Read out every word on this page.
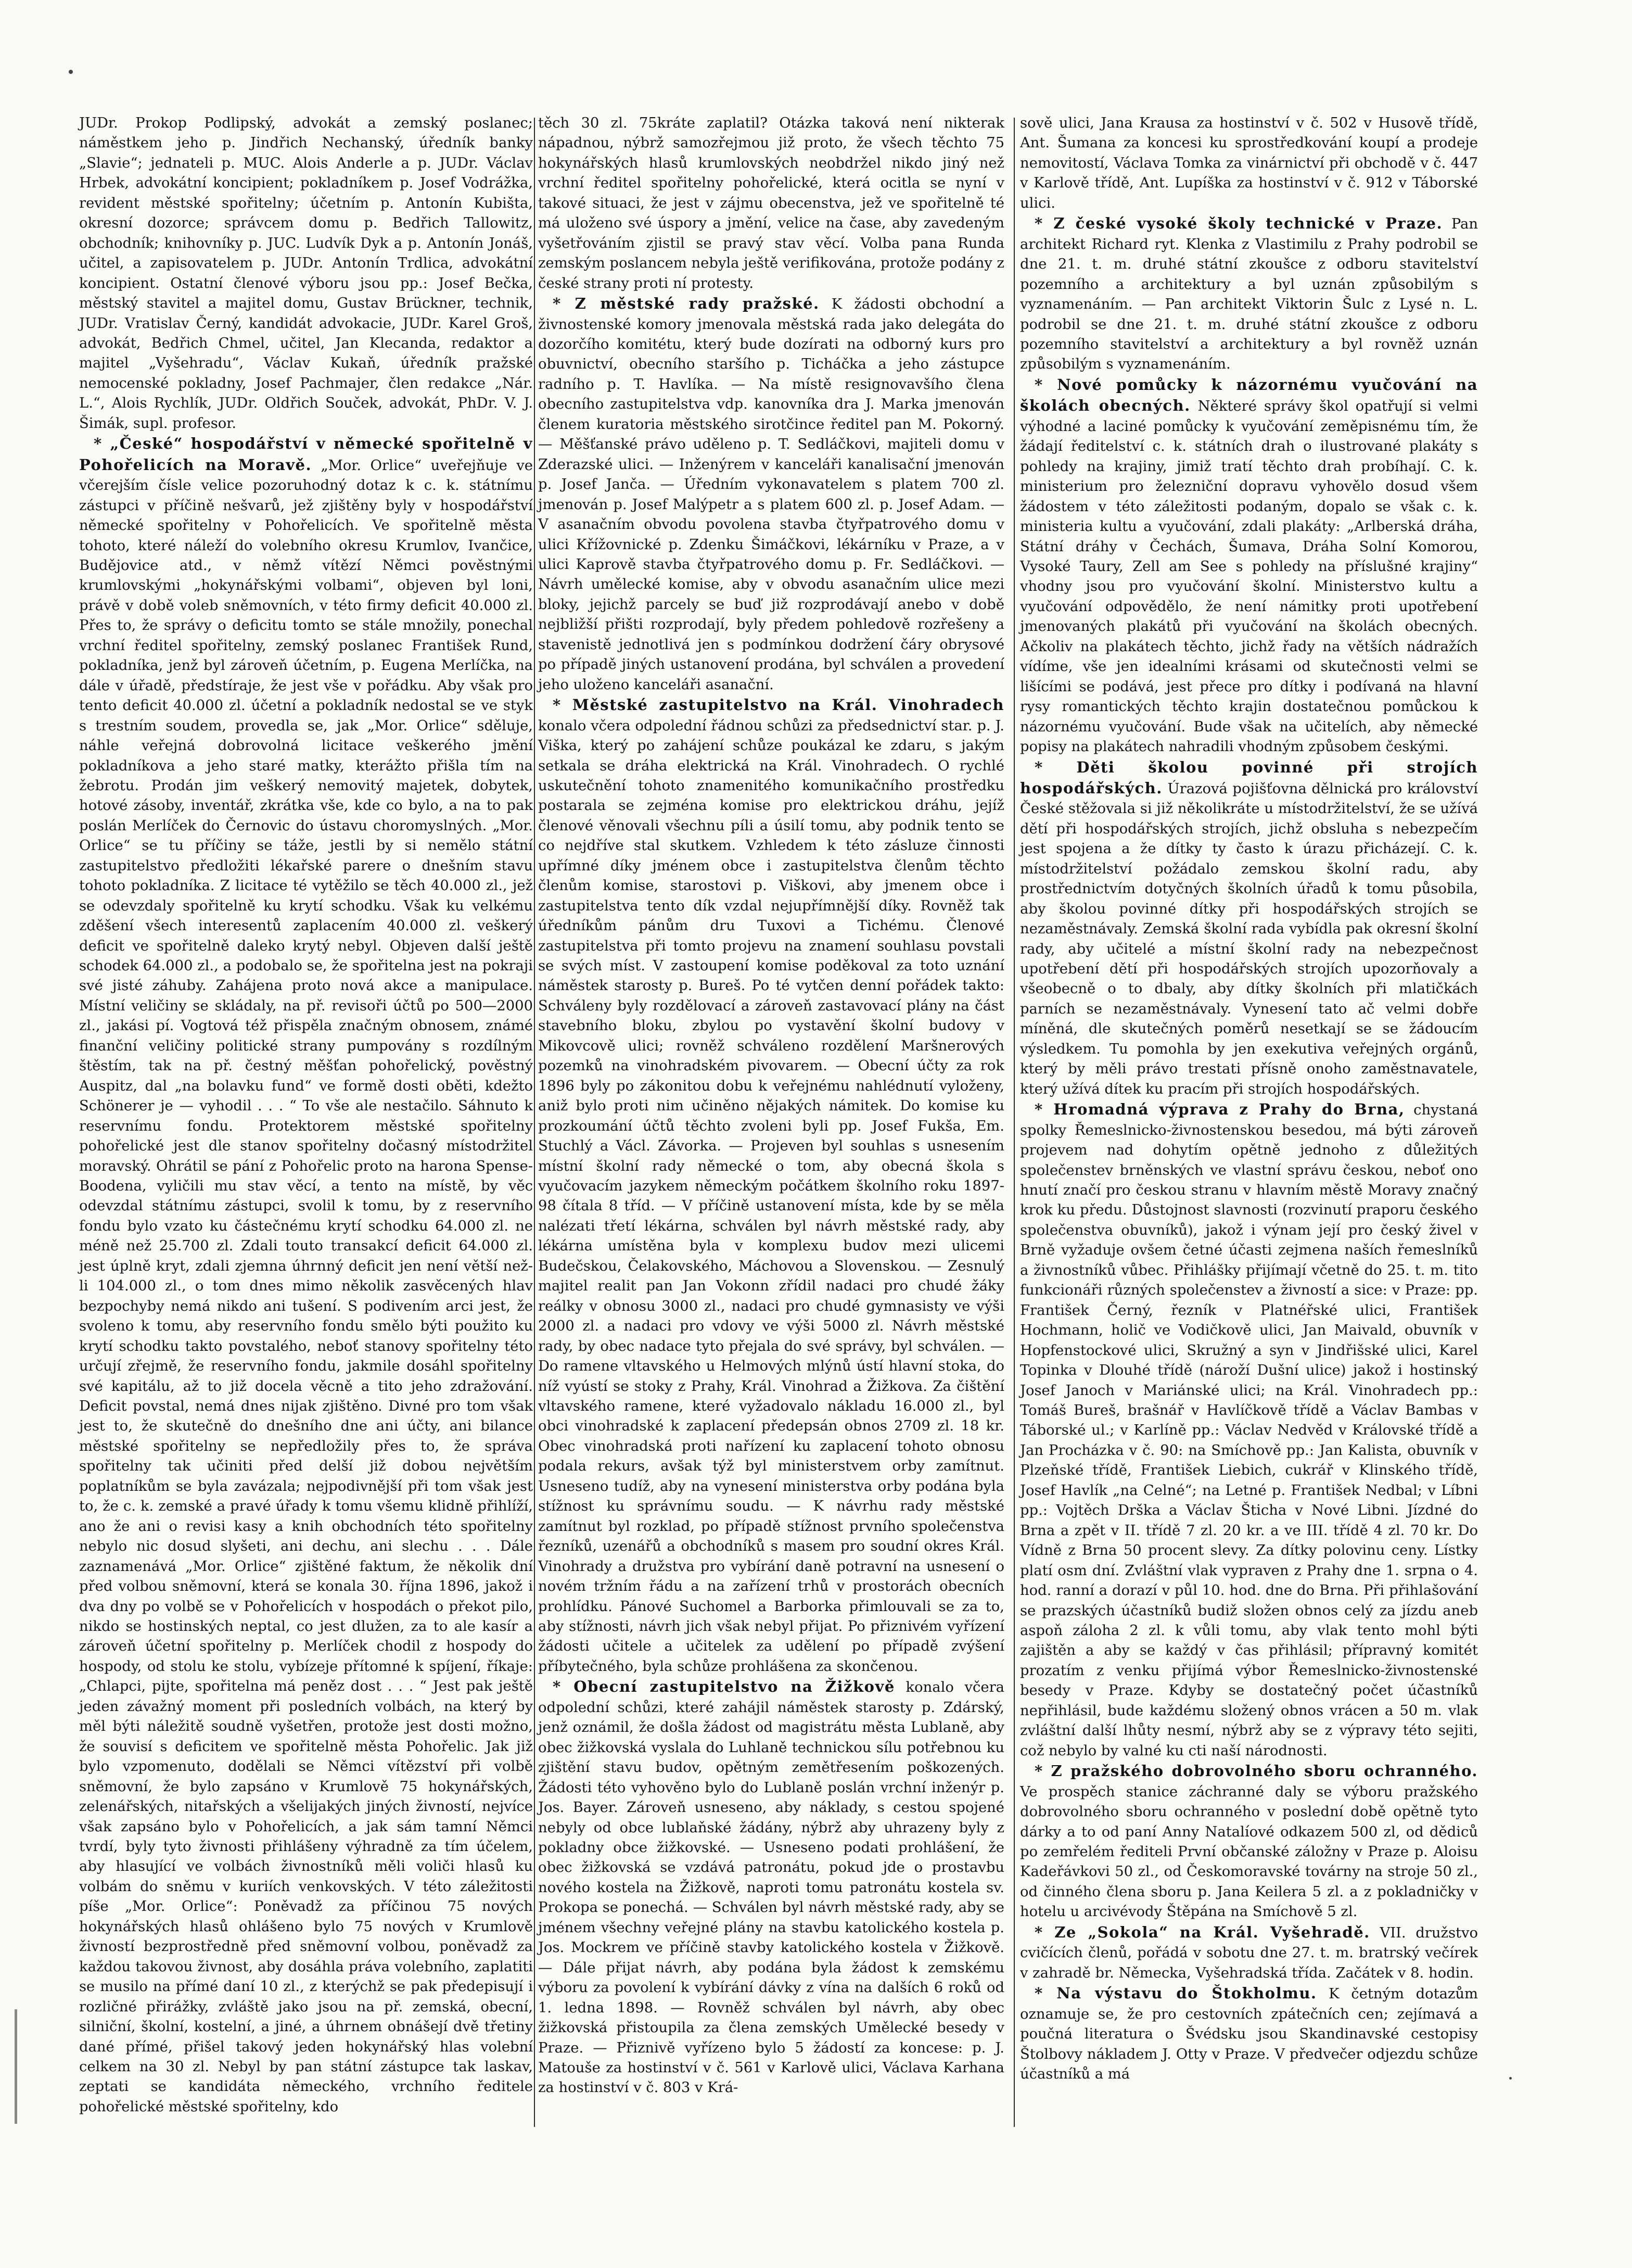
JUDr. Prokop Podlipský, advokát a zemský poslanec; náměstkem jeho p. Jindřich Nechanský, úředník banky „Slavie“; jednateli p. MUC. Alois Anderle a p. JUDr. Václav Hrbek, advokátní koncipient; pokladníkem p. Josef Vodrážka, revident městské spořitelny; účetním p. Antonín Kubišta, okresní dozorce; správcem domu p. Bedřich Tallowitz, obchodník; knihovníky p. JUC. Ludvík Dyk a p. Antonín Jonáš, učitel, a zapisovatelem p. JUDr. Antonín Trdlica, advokátní koncipient. Ostatní členové výboru jsou pp.: Josef Bečka, městský stavitel a majitel domu, Gustav Brückner, technik, JUDr. Vratislav Černý, kandidát advokacie, JUDr. Karel Groš, advokát, Bedřich Chmel, učitel, Jan Klecanda, redaktor a majitel „Vyšehradu“, Václav Kukaň, úředník pražské nemocenské pokladny, Josef Pachmajer, člen redakce „Nár. L.“, Alois Rychlík, JUDr. Oldřich Souček, advokát, PhDr. V. J. Šimák, supl. profesor.

* „České“ hospodářství v německé spořitelně v Pohořelicích na Moravě. „Mor. Orlice“ uveřejňuje ve včerejším čísle velice pozoruhodný dotaz k c. k. státnímu zástupci v příčině nešvarů, jež zjištěny byly v hospodářství německé spořitelny v Pohořelicích. Ve spořitelně města tohoto, které náleží do volebního okresu Krumlov, Ivančice, Budějovice atd., v němž vítězí Němci pověstnými krumlovskými „hokynářskými volbami“, objeven byl loni, právě v době voleb sněmovních, v této firmy deficit 40.000 zl. Přes to, že správy o deficitu tomto se stále množily, ponechal vrchní ředitel spořitelny, zemský poslanec František Rund, pokladníka, jenž byl zároveň účetním, p. Eugena Merlíčka, na dále v úřadě, předstíraje, že jest vše v pořádku. Aby však pro tento deficit 40.000 zl. účetní a pokladník nedostal se ve styk s trestním soudem, provedla se, jak „Mor. Orlice“ sděluje, náhle veřejná dobrovolná licitace veškerého jmění pokladníkova a jeho staré matky, kterážto přišla tím na žebrotu. Prodán jim veškerý nemovitý majetek, dobytek, hotové zásoby, inventář, zkrátka vše, kde co bylo, a na to pak poslán Merlíček do Černovic do ústavu choromyslných. „Mor. Orlice“ se tu příčiny se táže, jestli by si nemělo státní zastupitelstvo předložiti lékařské parere o dnešním stavu tohoto pokladníka. Z licitace té vytěžilo se těch 40.000 zl., jež se odevzdaly spořitelně ku krytí schodku. Však ku velkému zděšení všech interesentů zaplacením 40.000 zl. veškerý deficit ve spořitelně daleko krytý nebyl. Objeven další ještě schodek 64.000 zl., a podobalo se, že spořitelna jest na pokraji své jisté záhuby. Zahájena proto nová akce a manipulace. Místní veličiny se skládaly, na př. revisoři účtů po 500—2000 zl., jakási pí. Vogtová též přispěla značným obnosem, známé finanční veličiny politické strany pumpovány s rozdílným štěstím, tak na př. čestný měšťan pohořelický, pověstný Auspitz, dal „na bolavku fund“ ve formě dosti oběti, kdežto Schönerer je — vyhodil . . . “ To vše ale nestačilo. Sáhnuto k reservnímu fondu. Protektorem městské spořitelny pohořelické jest dle stanov spořitelny dočasný místodržitel moravský. Ohrátil se pání z Pohořelic proto na harona Spense-Boodena, vyličili mu stav věcí, a tento na místě, by věc odevzdal státnímu zástupci, svolil k tomu, by z reservního fondu bylo vzato ku částečnému krytí schodku 64.000 zl. ne méně než 25.700 zl. Zdali touto transakcí deficit 64.000 zl. jest úplně kryt, zdali zjemna úhrnný deficit jen není větší než-li 104.000 zl., o tom dnes mimo několik zasvěcených hlav bezpochyby nemá nikdo ani tušení. S podivením arci jest, že svoleno k tomu, aby reservního fondu smělo býti použito ku krytí schodku takto povstalého, neboť stanovy spořitelny této určují zřejmě, že reservního fondu, jakmile dosáhl spořitelny své kapitálu, až to již docela věcně a tito jeho zdražování. Deficit povstal, nemá dnes nijak zjištěno. Divné pro tom však jest to, že skutečně do dnešního dne ani účty, ani bilance městské spořitelny se nepředložily přes to, že správa spořitelny tak učiniti před delší již dobou největším poplatníkům se byla zavázala; nejpodivnější při tom však jest to, že c. k. zemské a pravé úřady k tomu všemu klidně přihlíží, ano že ani o revisi kasy a knih obchodních této spořitelny nebylo nic dosud slyšeti, ani dechu, ani slechu . . . Dále zaznamenává „Mor. Orlice“ zjištěné faktum, že několik dní před volbou sněmovní, která se konala 30. října 1896, jakož i dva dny po volbě se v Pohořelicích v hospodách o překot pilo, nikdo se hostinských neptal, co jest dlužen, za to ale kasír a zároveň účetní spořitelny p. Merlíček chodil z hospody do hospody, od stolu ke stolu, vybízeje přítomné k spíjení, říkaje: „Chlapci, pijte, spořitelna má peněz dost . . . “ Jest pak ještě jeden závažný moment při posledních volbách, na který by měl býti náležitě soudně vyšetřen, protože jest dosti možno, že souvisí s deficitem ve spořitelně města Pohořelic. Jak již bylo vzpomenuto, dodělali se Němci vítězství při volbě sněmovní, že bylo zapsáno v Krumlově 75 hokynářských, zelenářských, nitařských a všelijakých jiných živností, nejvíce však zapsáno bylo v Pohořelicích, a jak sám tamní Němci tvrdí, byly tyto živnosti přihlášeny výhradně za tím účelem, aby hlasující ve volbách živnostníků měli voliči hlasů ku volbám do sněmu v kuriích venkovských. V této záležitosti píše „Mor. Orlice“: Poněvadž za příčinou 75 nových hokynářských hlasů ohlášeno bylo 75 nových v Krumlově živností bezprostředně před sněmovní volbou, poněvadž za každou takovou živnost, aby dosáhla práva volebního, zaplatiti se musilo na přímé daní 10 zl., z kterýchž se pak předepisují i rozličné přirážky, zvláště jako jsou na př. zemská, obecní, silniční, školní, kostelní, a jiné, a úhrnem obnášejí dvě třetiny dané přímé, přišel takový jeden hokynářský hlas volební celkem na 30 zl. Nebyl by pan státní zástupce tak laskav, zeptati se kandidáta německého, vrchního ředitele pohořelické městské spořitelny, kdo

těch 30 zl. 75kráte zaplatil? Otázka taková není nikterak nápadnou, nýbrž samozřejmou již proto, že všech těchto 75 hokynářských hlasů krumlovských neobdržel nikdo jiný než vrchní ředitel spořitelny pohořelické, která ocitla se nyní v takové situaci, že jest v zájmu obecenstva, jež ve spořitelně té má uloženo své úspory a jmění, velice na čase, aby zavedeným vyšetřováním zjistil se pravý stav věcí. Volba pana Runda zemským poslancem nebyla ještě verifikována, protože podány z české strany proti ní protesty.

* Z městské rady pražské. K žádosti obchodní a živnostenské komory jmenovala městská rada jako delegáta do dozorčího komitétu, který bude dozírati na odborný kurs pro obuvnictví, obecního staršího p. Ticháčka a jeho zástupce radního p. T. Havlíka. — Na místě resignovavšího člena obecního zastupitelstva vdp. kanovníka dra J. Marka jmenován členem kuratoria městského sirotčince ředitel pan M. Pokorný. — Měšťanské právo uděleno p. T. Sedláčkovi, majiteli domu v Zderazské ulici. — Inženýrem v kanceláři kanalisační jmenován p. Josef Janča. — Úředním vykonavatelem s platem 700 zl. jmenován p. Josef Malýpetr a s platem 600 zl. p. Josef Adam. — V asanačním obvodu povolena stavba čtyřpatrového domu v ulici Křížovnické p. Zdenku Šimáčkovi, lékárníku v Praze, a v ulici Kaprově stavba čtyřpatrového domu p. Fr. Sedláčkovi. — Návrh umělecké komise, aby v obvodu asanačním ulice mezi bloky, jejichž parcely se buď již rozprodávají anebo v době nejbližší přišti rozprodají, byly předem pohledově rozřešeny a stavenistě jednotlivá jen s podmínkou dodržení čáry obrysové po případě jiných ustanovení prodána, byl schválen a provedení jeho uloženo kanceláři asanační.

* Městské zastupitelstvo na Král. Vinohradech konalo včera odpolední řádnou schůzi za předsednictví star. p. J. Viška, který po zahájení schůze poukázal ke zdaru, s jakým setkala se dráha elektrická na Král. Vinohradech. O rychlé uskutečnění tohoto znamenitého komunikačního prostředku postarala se zejména komise pro elektrickou dráhu, jejíž členové věnovali všechnu píli a úsilí tomu, aby podnik tento se co nejdříve stal skutkem. Vzhledem k této zásluze činnosti upřímné díky jménem obce i zastupitelstva členům těchto členům komise, starostovi p. Viškovi, aby jmenem obce i zastupitelstva tento dík vzdal nejupřímnější díky. Rovněž tak úředníkům pánům dru Tuxovi a Tichému. Členové zastupitelstva při tomto projevu na znamení souhlasu povstali se svých míst. V zastoupení komise poděkoval za toto uznání náměstek starosty p. Bureš. Po té vytčen denní pořádek takto: Schváleny byly rozdělovací a zároveň zastavovací plány na část stavebního bloku, zbylou po vystavění školní budovy v Mikovcově ulici; rovněž schváleno rozdělení Maršnerových pozemků na vinohradském pivovarem. — Obecní účty za rok 1896 byly po zákonitou dobu k veřejnému nahlédnutí vyloženy, aniž bylo proti nim učiněno nějakých námitek. Do komise ku prozkoumání účtů těchto zvoleni byli pp. Josef Fukša, Em. Stuchlý a Václ. Závorka. — Projeven byl souhlas s usnesením místní školní rady německé o tom, aby obecná škola s vyučovacím jazykem německým počátkem školního roku 1897-98 čítala 8 tříd. — V příčině ustanovení místa, kde by se měla nalézati třetí lékárna, schválen byl návrh městské rady, aby lékárna umístěna byla v komplexu budov mezi ulicemi Budečskou, Čelakovského, Máchovou a Slovenskou. — Zesnulý majitel realit pan Jan Vokonn zřídil nadaci pro chudé žáky reálky v obnosu 3000 zl., nadaci pro chudé gymnasisty ve výši 2000 zl. a nadaci pro vdovy ve výši 5000 zl. Návrh městské rady, by obec nadace tyto přejala do své správy, byl schválen. — Do ramene vltavského u Helmových mlýnů ústí hlavní stoka, do níž vyústí se stoky z Prahy, Král. Vinohrad a Žižkova. Za čištění vltavského ramene, které vyžadovalo nákladu 16.000 zl., byl obci vinohradské k zaplacení předepsán obnos 2709 zl. 18 kr. Obec vinohradská proti nařízení ku zaplacení tohoto obnosu podala rekurs, avšak týž byl ministerstvem orby zamítnut. Usneseno tudíž, aby na vynesení ministerstva orby podána byla stížnost ku správnímu soudu. — K návrhu rady městské zamítnut byl rozklad, po případě stížnost prvního společenstva řezníků, uzenářů a obchodníků s masem pro soudní okres Král. Vinohrady a družstva pro vybírání daně potravní na usnesení o novém tržním řádu a na zařízení trhů v prostorách obecních prohlídku. Pánové Suchomel a Barborka přimlouvali se za to, aby stížnosti, návrh jich však nebyl přijat. Po přiznivém vyřízení žádosti učitele a učitelek za udělení po případě zvýšení příbytečného, byla schůze prohlášena za skončenou.

* Obecní zastupitelstvo na Žižkově konalo včera odpolední schůzi, které zahájil náměstek starosty p. Zdárský, jenž oznámil, že došla žádost od magistrátu města Lublaně, aby obec žižkovská vyslala do Luhlaně technickou sílu potřebnou ku zjištění stavu budov, opětným zemětřesením poškozených. Žádosti této vyhověno bylo do Lublaně poslán vrchní inženýr p. Jos. Bayer. Zároveň usneseno, aby náklady, s cestou spojené nebyly od obce lublaňské žádány, nýbrž aby uhrazeny byly z pokladny obce žižkovské. — Usneseno podati prohlášení, že obec žižkovská se vzdává patronátu, pokud jde o prostavbu nového kostela na Žižkově, naproti tomu patronátu kostela sv. Prokopa se ponechá. — Schválen byl návrh městské rady, aby se jménem všechny veřejné plány na stavbu katolického kostela p. Jos. Mockrem ve příčině stavby katolického kostela v Žižkově. — Dále přijat návrh, aby podána byla žádost k zemskému výboru za povolení k vybírání dávky z vína na dalších 6 roků od 1. ledna 1898. — Rovněž schválen byl návrh, aby obec žižkovská přistoupila za člena zemských Umělecké besedy v Praze. — Přiznivě vyřízeno bylo 5 žádostí za koncese: p. J. Matouše za hostinství v č. 561 v Karlově ulici, Václava Karhana za hostinství v č. 803 v Krá-

sově ulici, Jana Krausa za hostinství v č. 502 v Husově třídě, Ant. Šumana za koncesi ku sprostředkování koupí a prodeje nemovitostí, Václava Tomka za vinárnictví při obchodě v č. 447 v Karlově třídě, Ant. Lupíška za hostinství v č. 912 v Táborské ulici.

* Z české vysoké školy technické v Praze. Pan architekt Richard ryt. Klenka z Vlastimilu z Prahy podrobil se dne 21. t. m. druhé státní zkoušce z odboru stavitelství pozemního a architektury a byl uznán způsobilým s vyznamenáním. — Pan architekt Viktorin Šulc z Lysé n. L. podrobil se dne 21. t. m. druhé státní zkoušce z odboru pozemního stavitelství a architektury a byl rovněž uznán způsobilým s vyznamenáním.

* Nové pomůcky k názornému vyučování na školách obecných. Některé správy škol opatřují si velmi výhodné a laciné pomůcky k vyučování zeměpisnému tím, že žádají ředitelství c. k. státních drah o ilustrované plakáty s pohledy na krajiny, jimiž tratí těchto drah probíhají. C. k. ministerium pro železniční dopravu vyhovělo dosud všem žádostem v této záležitosti podaným, dopalo se však c. k. ministeria kultu a vyučování, zdali plakáty: „Arlberská dráha, Státní dráhy v Čechách, Šumava, Dráha Solní Komorou, Vysoké Taury, Zell am See s pohledy na příslušné krajiny“ vhodny jsou pro vyučování školní. Ministerstvo kultu a vyučování odpovědělo, že není námitky proti upotřebení jmenovaných plakátů při vyučování na školách obecných. Ačkoliv na plakátech těchto, jichž řady na větších nádražích vídíme, vše jen idealními krásami od skutečnosti velmi se lišícími se podává, jest přece pro dítky i podívaná na hlavní rysy romantických těchto krajin dostatečnou pomůckou k názornému vyučování. Bude však na učitelích, aby německé popisy na plakátech nahradili vhodným způsobem českými.

* Děti školou povinné při strojích hospodářských. Úrazová pojišťovna dělnická pro království České stěžovala si již několikráte u místodržitelství, že se užívá dětí při hospodářských strojích, jichž obsluha s nebezpečím jest spojena a že dítky ty často k úrazu přicházejí. C. k. místodržitelství požádalo zemskou školní radu, aby prostřednictvím dotyčných školních úřadů k tomu působila, aby školou povinné dítky při hospodářských strojích se nezaměstnávaly. Zemská školní rada vybídla pak okresní školní rady, aby učitelé a místní školní rady na nebezpečnost upotřebení dětí při hospodářských strojích upozorňovaly a všeobecně o to dbaly, aby dítky školních při mlatičkách parních se nezaměstnávaly. Vynesení tato ač velmi dobře míněná, dle skutečných poměrů nesetkají se se žádoucím výsledkem. Tu pomohla by jen exekutiva veřejných orgánů, který by měli právo trestati přísně onoho zaměstnavatele, který užívá dítek ku pracím při strojích hospodářských.

* Hromadná výprava z Prahy do Brna, chystaná spolky Řemeslnicko-živnostenskou besedou, má býti zároveň projevem nad dohytím opětně jednoho z důležitých společenstev brněnských ve vlastní správu českou, neboť ono hnutí značí pro českou stranu v hlavním městě Moravy značný krok ku předu. Důstojnost slavnosti (rozvinutí praporu českého společenstva obuvníků), jakož i výnam její pro český živel v Brně vyžaduje ovšem četné účasti zejmena naších řemeslníků a živnostníků vůbec. Přihlášky přijímají včetně do 25. t. m. tito funkcionáři různých společenstev a živností a sice: v Praze: pp. František Černý, řezník v Platnéřské ulici, František Hochmann, holič ve Vodičkově ulici, Jan Maivald, obuvník v Hopfenstockové ulici, Skružný a syn v Jindřišské ulici, Karel Topinka v Dlouhé třídě (nároží Dušní ulice) jakož i hostinský Josef Janoch v Mariánské ulici; na Král. Vinohradech pp.: Tomáš Bureš, brašnář v Havlíčkově třídě a Václav Bambas v Táborské ul.; v Karlíně pp.: Václav Nedvěd v Královské třídě a Jan Procházka v č. 90: na Smíchově pp.: Jan Kalista, obuvník v Plzeňské třídě, František Liebich, cukrář v Klinského třídě, Josef Havlík „na Celné“; na Letné p. František Nedbal; v Líbni pp.: Vojtěch Drška a Václav Šticha v Nové Libni. Jízdné do Brna a zpět v II. třídě 7 zl. 20 kr. a ve III. třídě 4 zl. 70 kr. Do Vídně z Brna 50 procent slevy. Za dítky polovinu ceny. Lístky platí osm dní. Zvláštní vlak vypraven z Prahy dne 1. srpna o 4. hod. ranní a dorazí v půl 10. hod. dne do Brna. Při přihlašování se prazských účastníků budiž složen obnos celý za jízdu aneb aspoň záloha 2 zl. k vůli tomu, aby vlak tento mohl býti zajištěn a aby se každý v čas přihlásil; přípravný komitét prozatím z venku přijímá výbor Řemeslnicko-živnostenské besedy v Praze. Kdyby se dostatečný počet účastníků nepřihlásil, bude každému složený obnos vrácen a 50 m. vlak zvláštní další lhůty nesmí, nýbrž aby se z výpravy této sejiti, což nebylo by valné ku cti naší národnosti.

* Z pražského dobrovolného sboru ochranného. Ve prospěch stanice záchranné daly se výboru pražského dobrovolného sboru ochranného v poslední době opětně tyto dárky a to od paní Anny Natalíové odkazem 500 zl, od dědiců po zemřelém řediteli První občanské záložny v Praze p. Aloisu Kadeřávkovi 50 zl., od Českomoravské továrny na stroje 50 zl., od činného člena sboru p. Jana Keilera 5 zl. a z pokladničky v hotelu u arcivévody Štěpána na Smíchově 5 zl.

* Ze „Sokola“ na Král. Vyšehradě. VII. družstvo cvičících členů, pořádá v sobotu dne 27. t. m. bratrský večírek v zahradě br. Německa, Vyšehradská třída. Začátek v 8. hodin.

* Na výstavu do Štokholmu. K četným dotazům oznamuje se, že pro cestovních zpátečních cen; zejímavá a poučná literatura o Švédsku jsou Skandinavské cestopisy Štolbovy nákladem J. Otty v Praze. V předvečer odjezdu schůze účastníků a má
